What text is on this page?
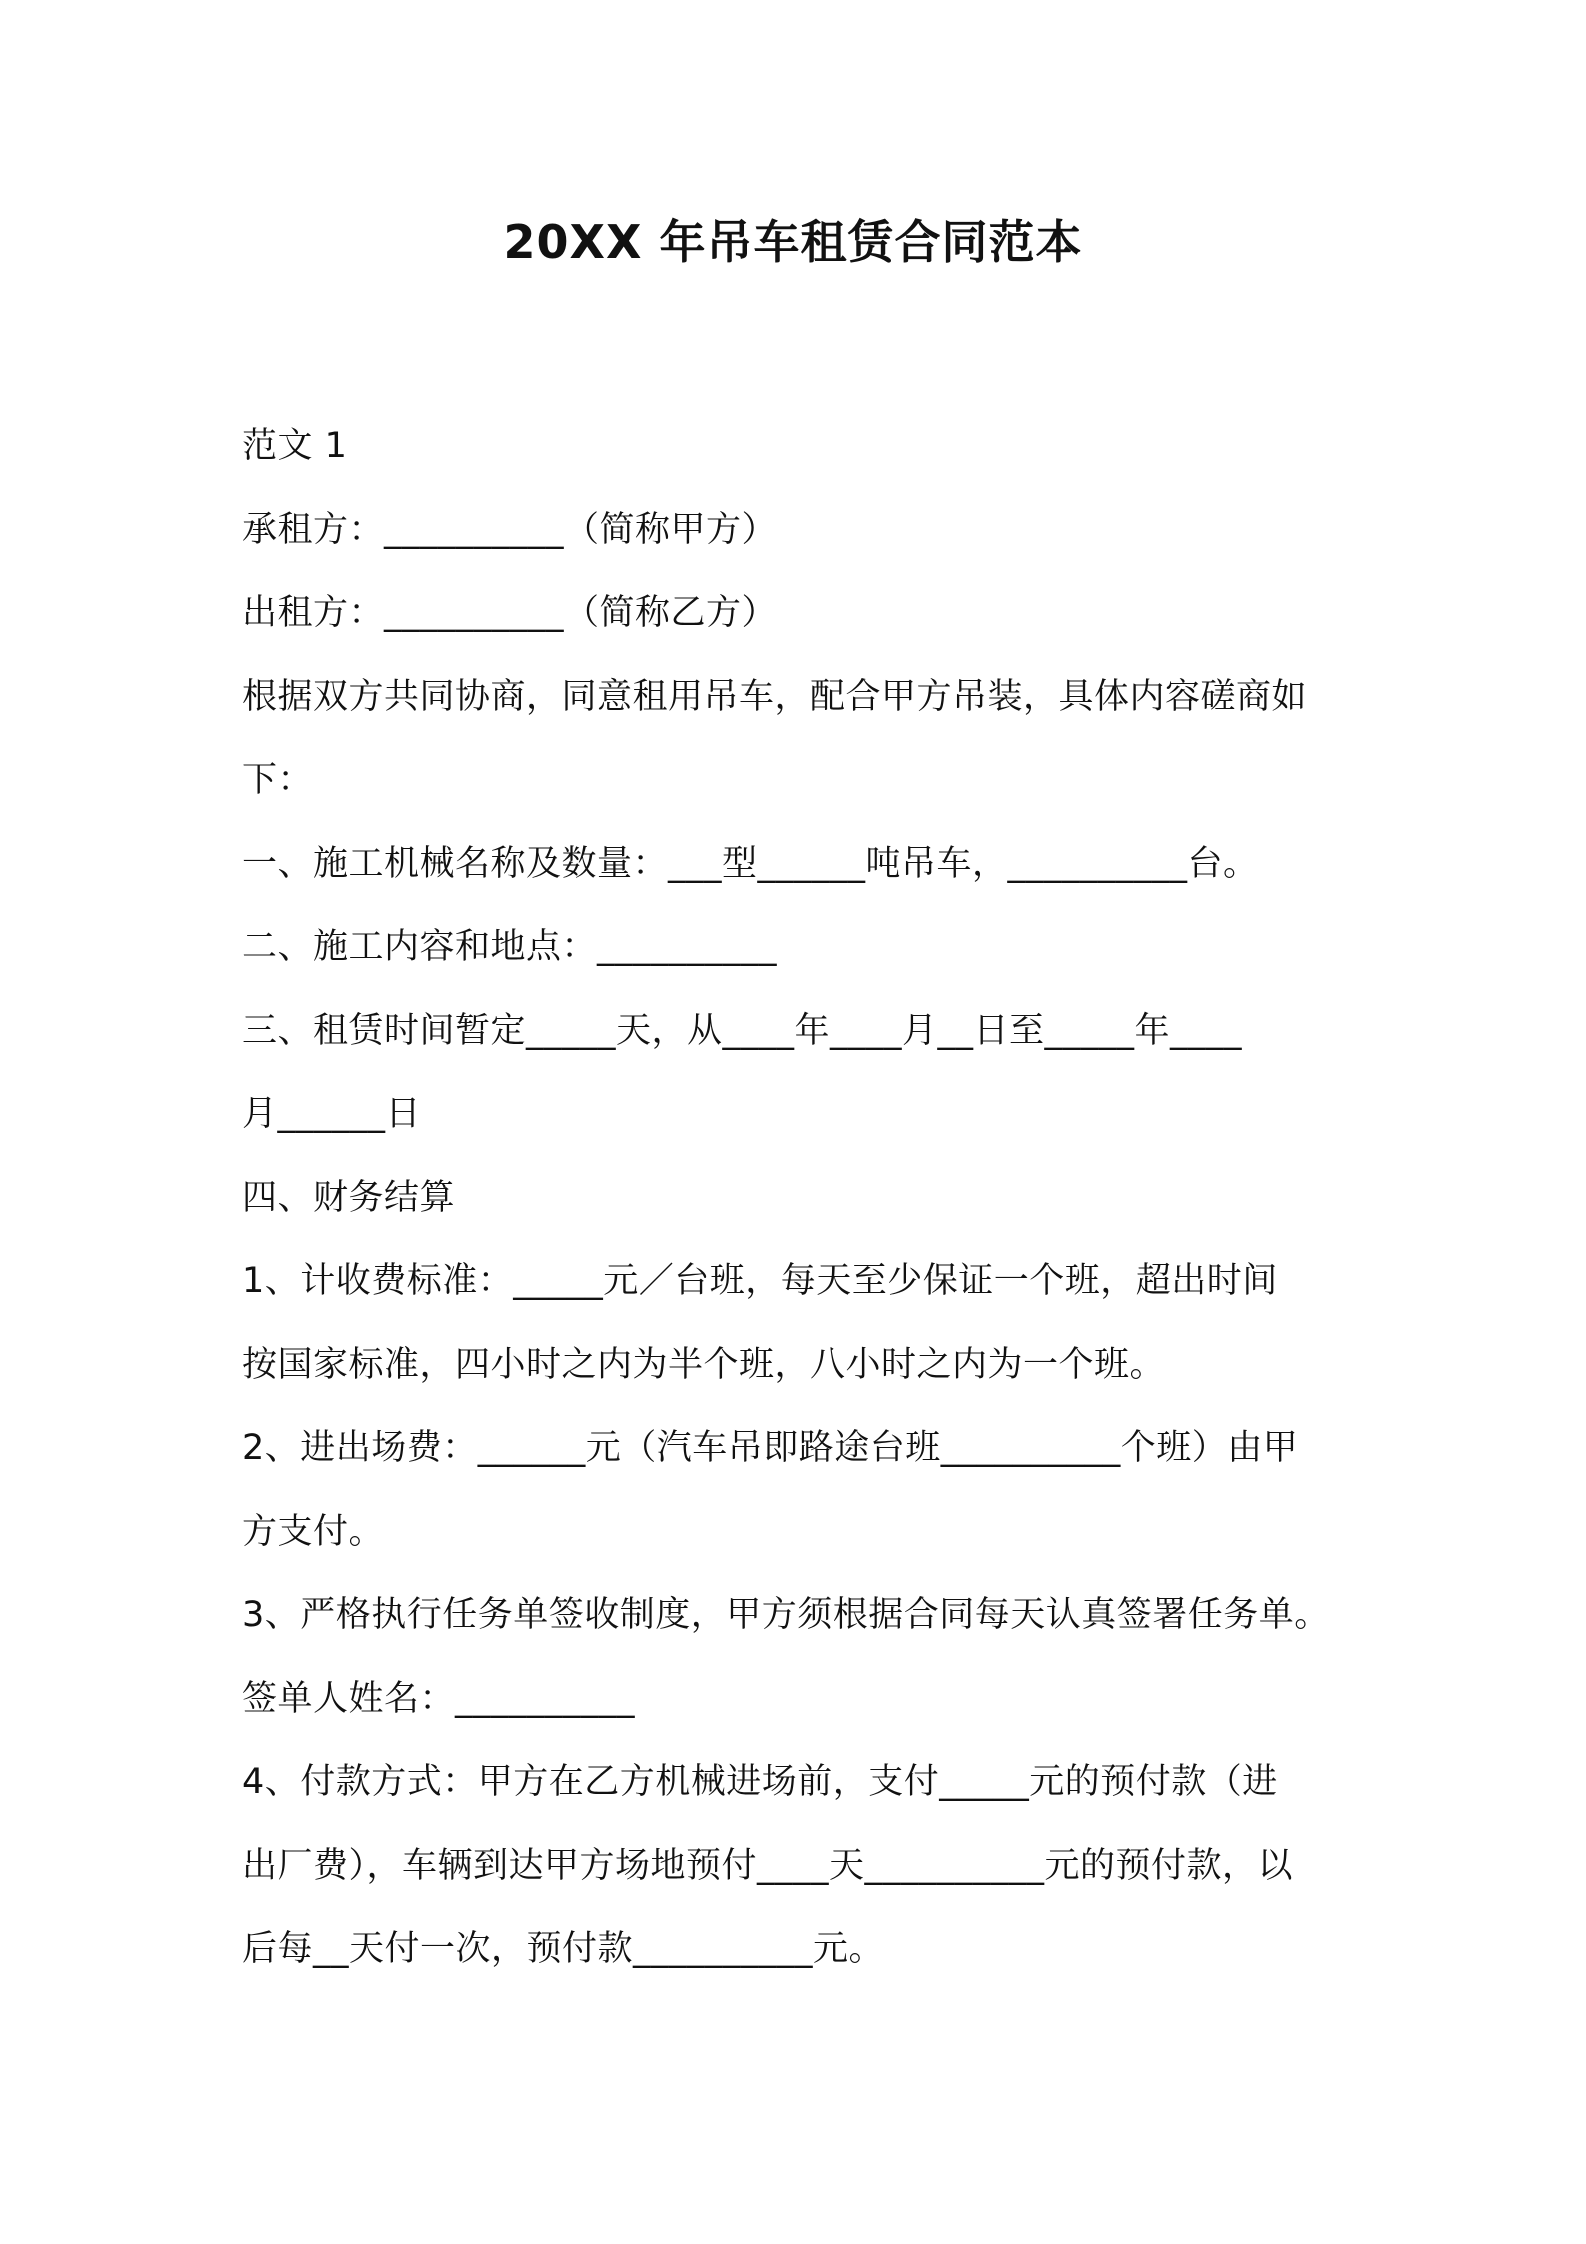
20XX 年吊车租赁合同范本
范文 1
承租方：__________（简称甲方）
出租方：__________（简称乙方）
根据双方共同协商，同意租用吊车，配合甲方吊装，具体内容磋商如
下：
一、施工机械名称及数量：___型______吨吊车，__________台。
二、施工内容和地点：__________
三、租赁时间暂定_____天，从____年____月__日至_____年____
月______日
四、财务结算
1、计收费标准：_____元／台班，每天至少保证一个班，超出时间
按国家标准，四小时之内为半个班，八小时之内为一个班。
2、进出场费：______元（汽车吊即路途台班__________个班）由甲
方支付。
3、严格执行任务单签收制度，甲方须根据合同每天认真签署任务单。
签单人姓名：__________
4、付款方式：甲方在乙方机械进场前，支付_____元的预付款（进
出厂费），车辆到达甲方场地预付____天__________元的预付款，以
后每__天付一次，预付款__________元。
